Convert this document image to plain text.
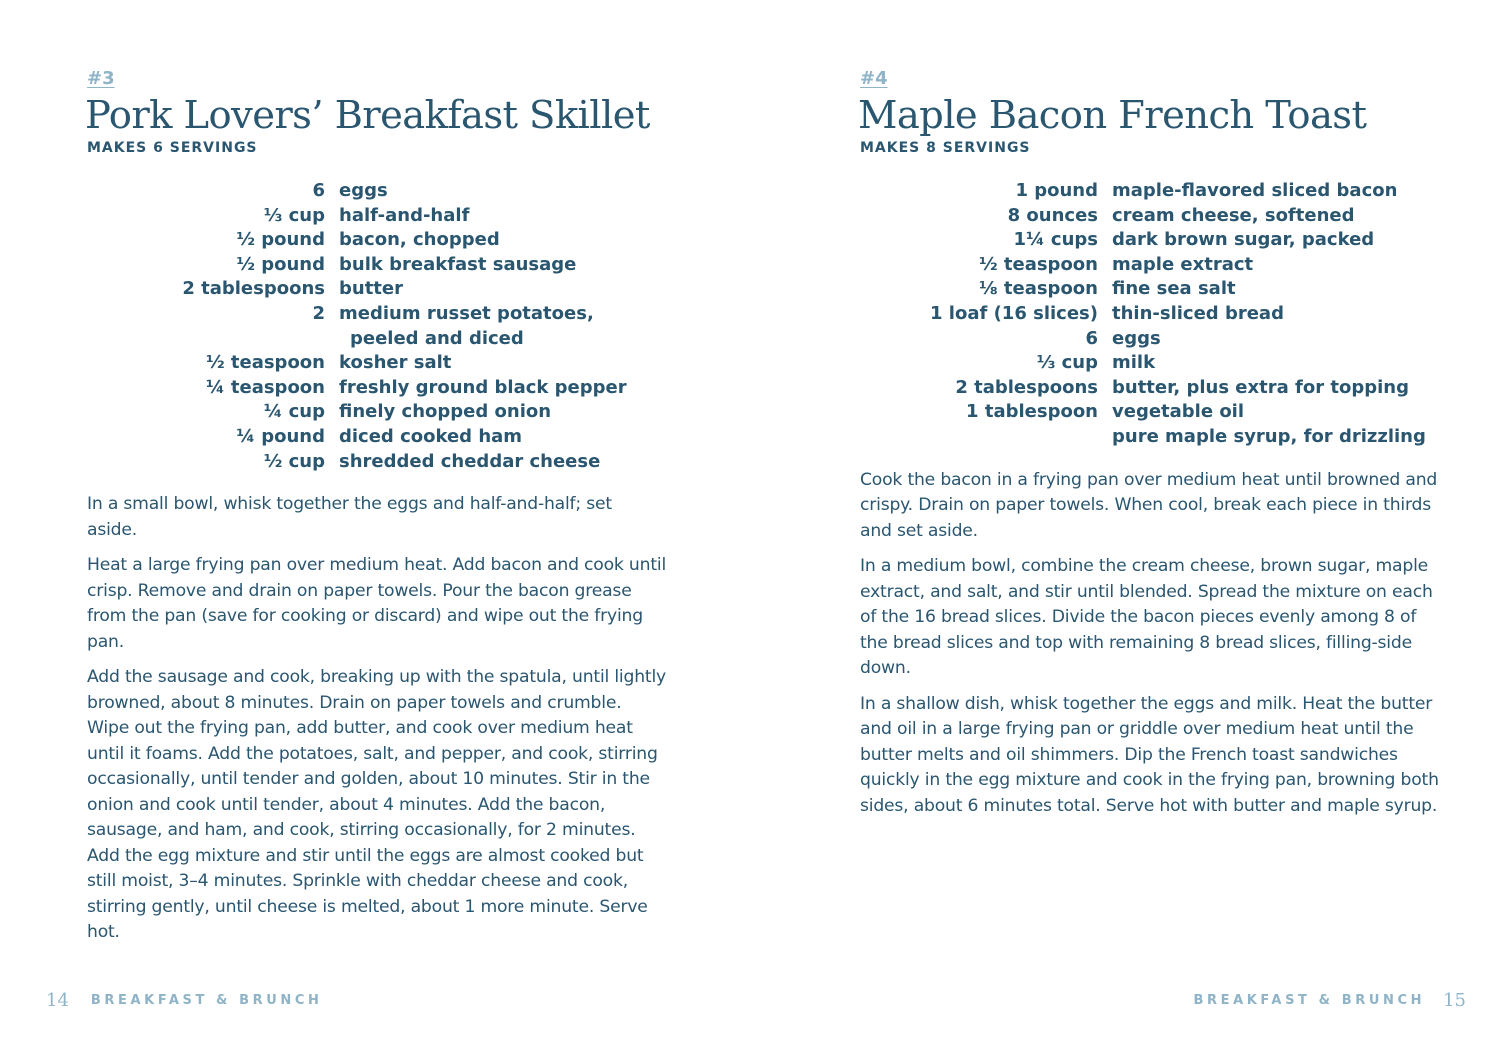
#3
Pork Lovers’ Breakfast Skillet
MAKES 6 SERVINGS
6 eggs
⅓ cup half-and-half
½ pound bacon, chopped
½ pound bulk breakfast sausage
2 tablespoons butter
2 medium russet potatoes,
peeled and diced
½ teaspoon kosher salt
¼ teaspoon freshly ground black pepper
¼ cup finely chopped onion
¼ pound diced cooked ham
½ cup shredded cheddar cheese

In a small bowl, whisk together the eggs and half-and-half; set aside.

Heat a large frying pan over medium heat. Add bacon and cook until crisp. Remove and drain on paper towels. Pour the bacon grease from the pan (save for cooking or discard) and wipe out the frying pan.

Add the sausage and cook, breaking up with the spatula, until lightly browned, about 8 minutes. Drain on paper towels and crumble. Wipe out the frying pan, add butter, and cook over medium heat until it foams. Add the potatoes, salt, and pepper, and cook, stirring occasionally, until tender and golden, about 10 minutes. Stir in the onion and cook until tender, about 4 minutes. Add the bacon, sausage, and ham, and cook, stirring occasionally, for 2 minutes. Add the egg mixture and stir until the eggs are almost cooked but still moist, 3–4 minutes. Sprinkle with cheddar cheese and cook, stirring gently, until cheese is melted, about 1 more minute. Serve hot.

14 BREAKFAST & BRUNCH
#4
Maple Bacon French Toast
MAKES 8 SERVINGS
1 pound maple-flavored sliced bacon
8 ounces cream cheese, softened
1¼ cups dark brown sugar, packed
½ teaspoon maple extract
⅛ teaspoon fine sea salt
1 loaf (16 slices) thin-sliced bread
6 eggs
⅓ cup milk
2 tablespoons butter, plus extra for topping
1 tablespoon vegetable oil
pure maple syrup, for drizzling

Cook the bacon in a frying pan over medium heat until browned and crispy. Drain on paper towels. When cool, break each piece in thirds and set aside.

In a medium bowl, combine the cream cheese, brown sugar, maple extract, and salt, and stir until blended. Spread the mixture on each of the 16 bread slices. Divide the bacon pieces evenly among 8 of the bread slices and top with remaining 8 bread slices, filling-side down.

In a shallow dish, whisk together the eggs and milk. Heat the butter and oil in a large frying pan or griddle over medium heat until the butter melts and oil shimmers. Dip the French toast sandwiches quickly in the egg mixture and cook in the frying pan, browning both sides, about 6 minutes total. Serve hot with butter and maple syrup.

BREAKFAST & BRUNCH 15
